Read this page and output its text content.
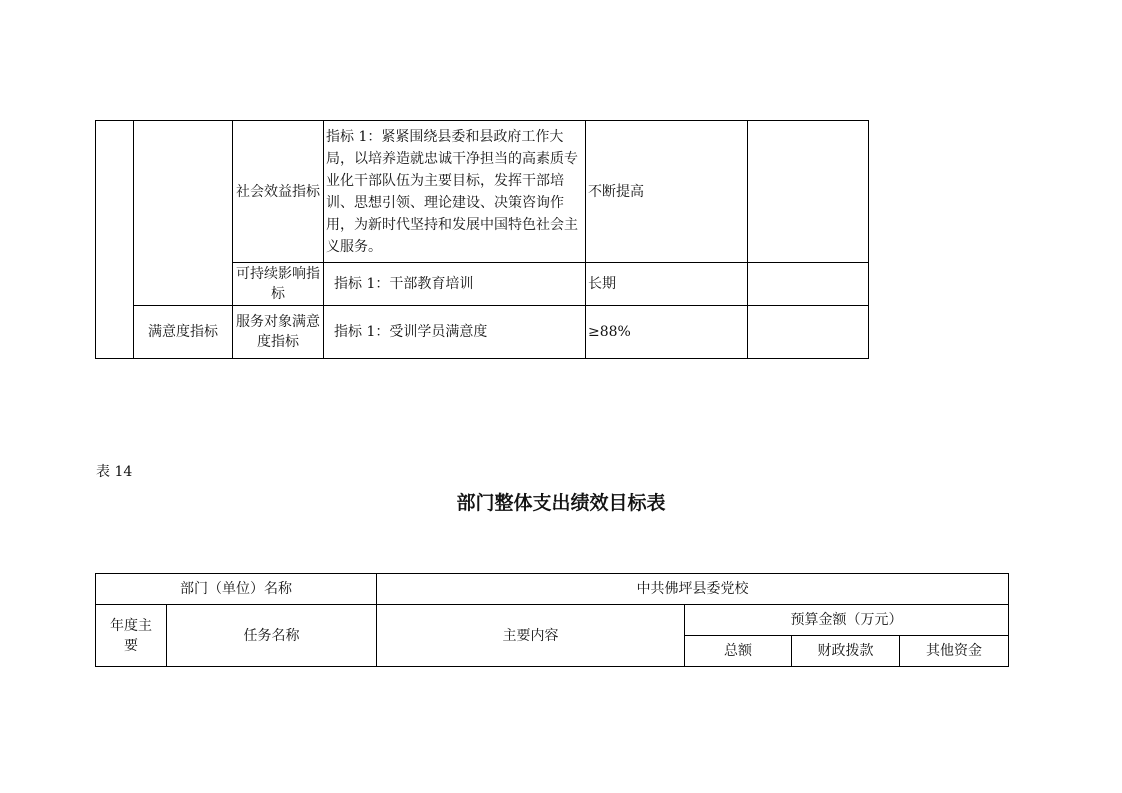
		社会效益指标	指标 1：紧紧围绕县委和县政府工作大局，以培养造就忠诚干净担当的高素质专业化干部队伍为主要目标，发挥干部培训、思想引领、理论建设、决策咨询作用，为新时代坚持和发展中国特色社会主义服务。	不断提高	
		可持续影响指标	指标 1：干部教育培训	长期	
	满意度指标	服务对象满意度指标	指标 1：受训学员满意度	≥88%	

表 14

部门整体支出绩效目标表
部门（单位）名称		中共佛坪县委党校			
年度主要	任务名称	主要内容	预算金额（万元）		
			总额	财政拨款	其他资金
